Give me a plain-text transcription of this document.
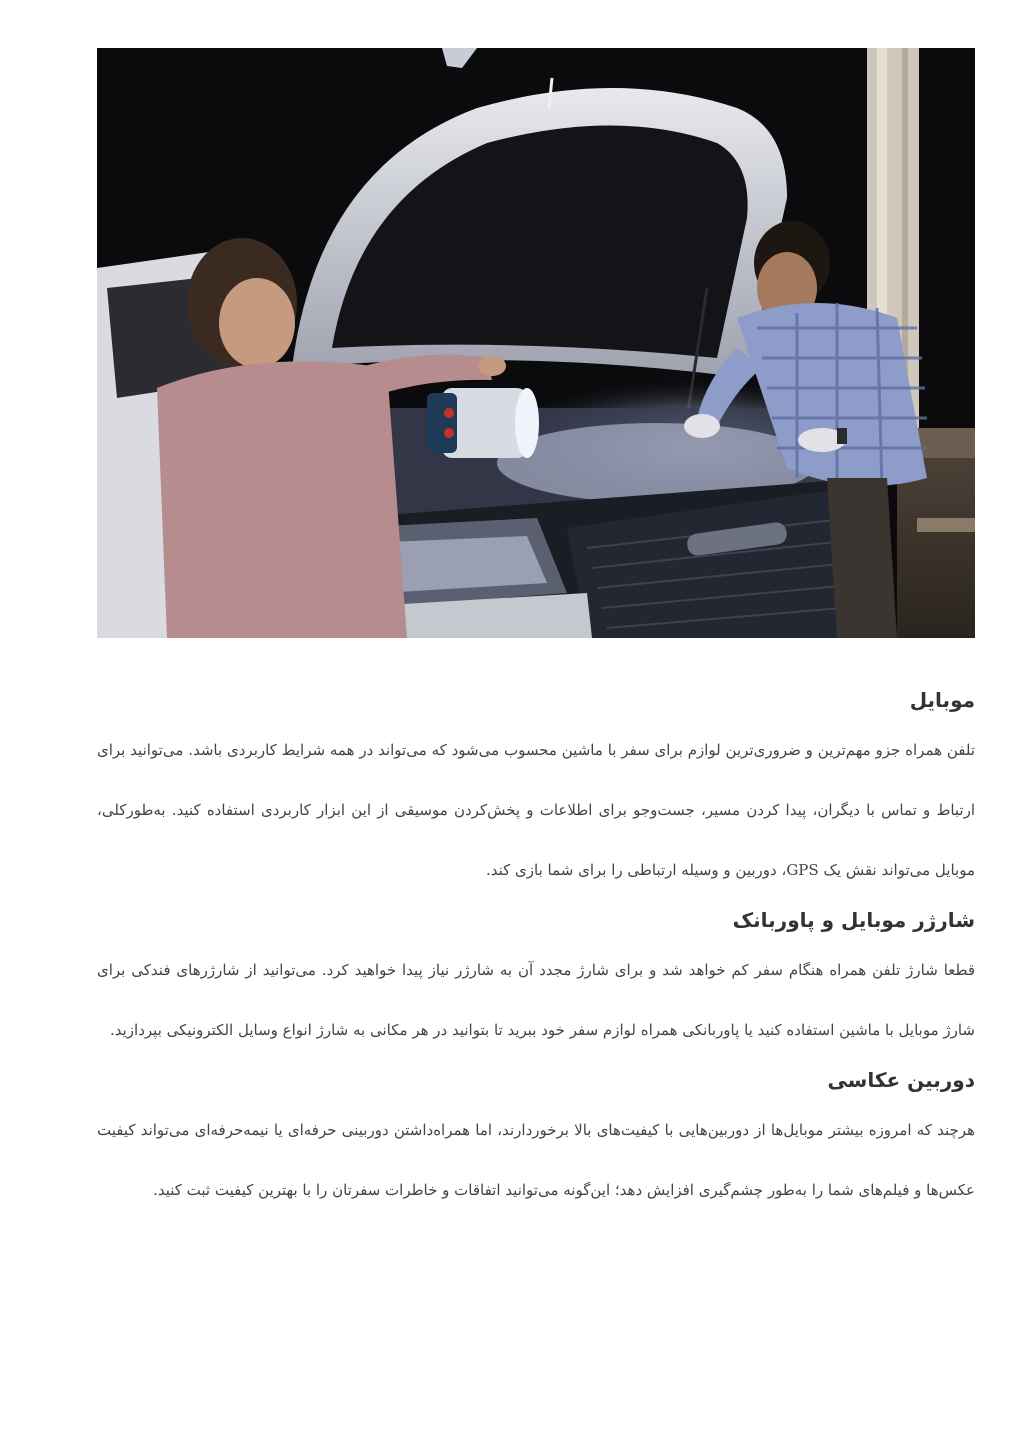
موبایل

تلفن همراه جزو مهم‌ترین و ضروری‌ترین لوازم برای سفر با ماشین محسوب می‌شود که می‌تواند در همه شرایط کاربردی باشد. می‌توانید برای ارتباط و تماس با دیگران، پیدا کردن مسیر، جست‌وجو برای اطلاعات و پخش‌کردن موسیقی از این ابزار کاربردی استفاده کنید. به‌طورکلی، موبایل می‌تواند نقش یک GPS، دوربین و وسیله ارتباطی را برای شما بازی کند.

شارژر موبایل و پاوربانک

قطعا شارژ تلفن همراه هنگام سفر کم خواهد شد و برای شارژ مجدد آن به شارژر نیاز پیدا خواهید کرد. می‌توانید از شارژرهای فندکی برای شارژ موبایل با ماشین استفاده کنید یا پاوربانکی همراه لوازم سفر خود ببرید تا بتوانید در هر مکانی به شارژ انواع وسایل الکترونیکی بپردازید.

دوربین عکاسی

هرچند که امروزه بیشتر موبایل‌ها از دوربین‌هایی با کیفیت‌های بالا برخوردارند، اما همراه‌داشتن دوربینی حرفه‌ای یا نیمه‌حرفه‌ای می‌تواند کیفیت عکس‌ها و فیلم‌های شما را به‌طور چشم‌گیری افزایش دهد؛ این‌گونه می‌توانید اتفاقات و خاطرات سفرتان را با بهترین کیفیت ثبت کنید.
